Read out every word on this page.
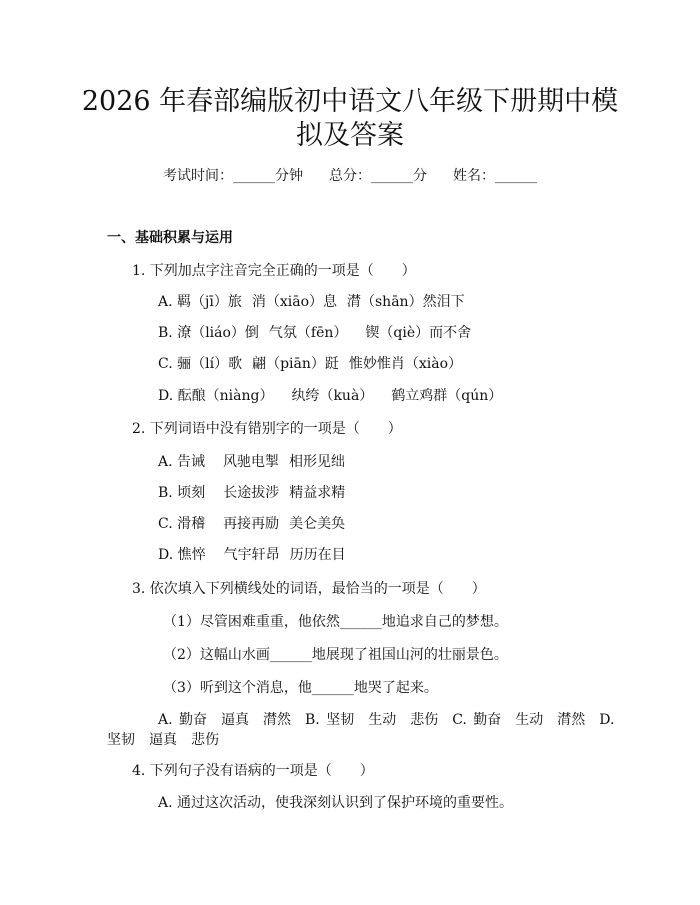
2026 年春部编版初中语文八年级下册期中模
拟及答案
考试时间：______分钟 总分：______分 姓名：______
一、基础积累与运用
1. 下列加点字注音完全正确的一项是（　　）
A. 羁（jī）旅 消（xiāo）息 潸（shān）然泪下
B. 潦（liáo）倒 气氛（fēn） 锲（qiè）而不舍
C. 骊（lí）歌 翩（piān）跹 惟妙惟肖（xiào）
D. 酝酿（niàng） 纨绔（kuà） 鹤立鸡群（qún）
2. 下列词语中没有错别字的一项是（　　）
A. 告诫 风驰电掣 相形见绌
B. 顷刻 长途拔涉 精益求精
C. 滑稽 再接再励 美仑美奂
D. 憔悴 气宇轩昂 历历在目
3. 依次填入下列横线处的词语，最恰当的一项是（　　）
（1）尽管困难重重，他依然______地追求自己的梦想。
（2）这幅山水画______地展现了祖国山河的壮丽景色。
（3）听到这个消息，他______地哭了起来。
A. 勤奋　逼真　潸然　B. 坚韧　生动　悲伤　C. 勤奋　生动　潸然　D.
坚韧　逼真　悲伤
4. 下列句子没有语病的一项是（　　）
A. 通过这次活动，使我深刻认识到了保护环境的重要性。
